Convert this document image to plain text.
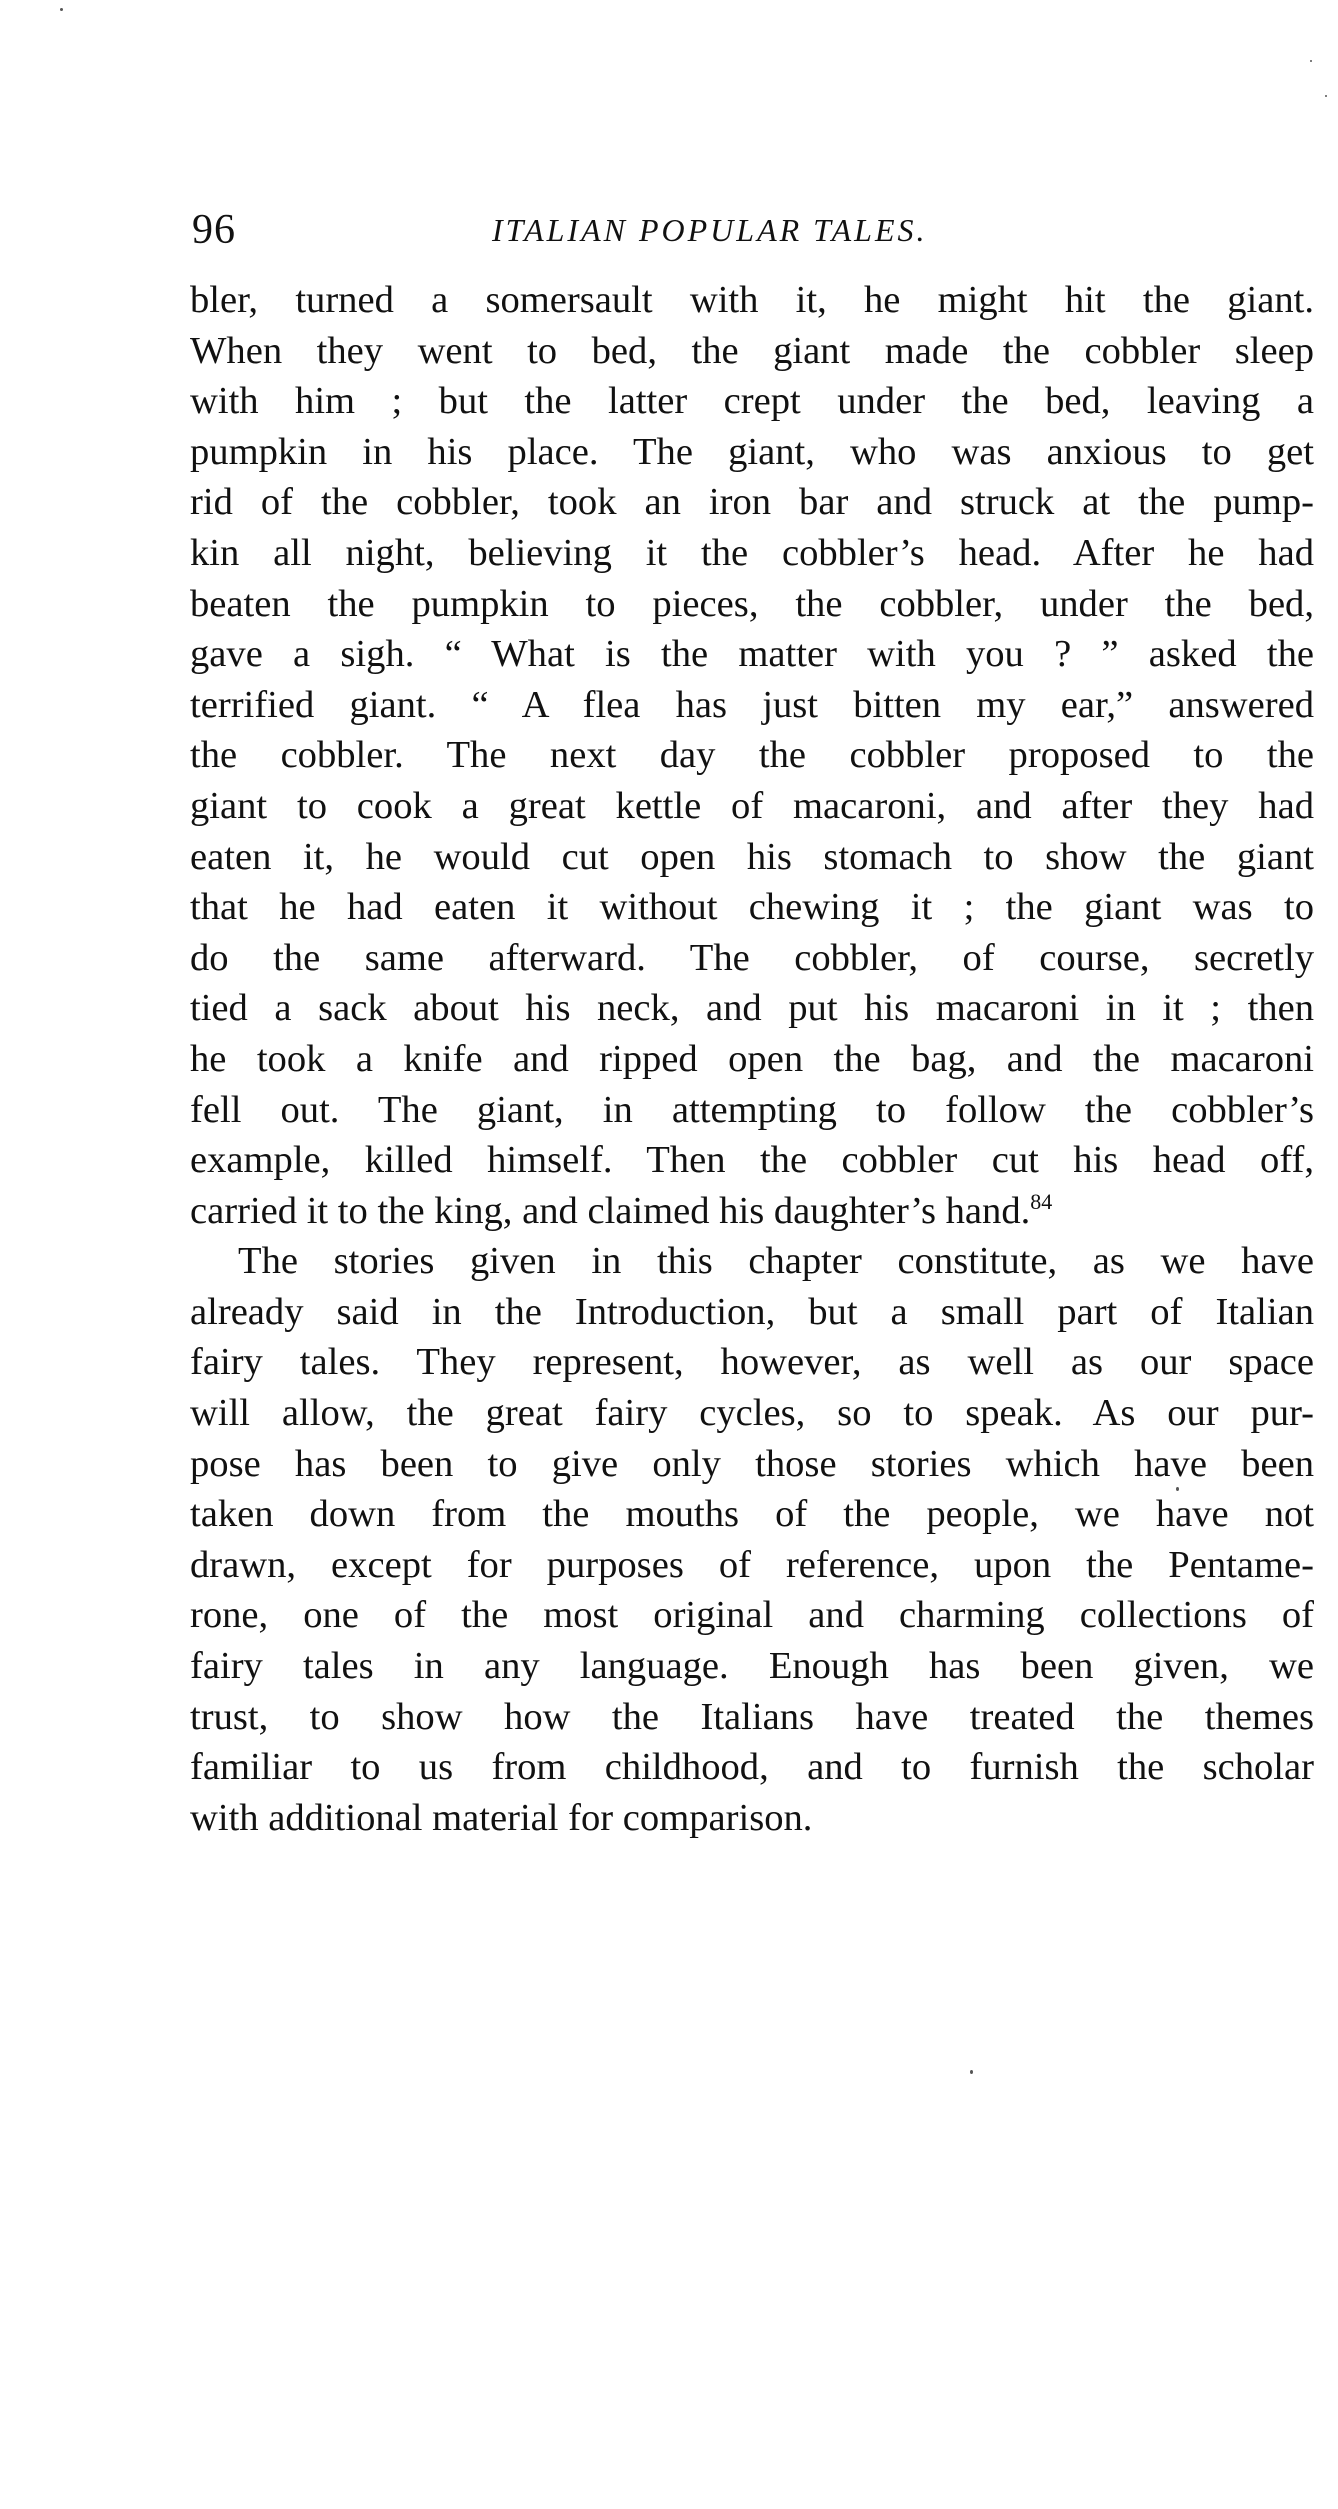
96	ITALIAN POPULAR TALES.
bler, turned a somersault with it, he might hit the giant.
When they went to bed, the giant made the cobbler sleep
with him ; but the latter crept under the bed, leaving a
pumpkin in his place. The giant, who was anxious to get
rid of the cobbler, took an iron bar and struck at the pump-
kin all night, believing it the cobbler’s head. After he had
beaten the pumpkin to pieces, the cobbler, under the bed,
gave a sigh. “ What is the matter with you ? ” asked the
terrified giant. “ A flea has just bitten my ear,” answered
the cobbler. The next day the cobbler proposed to the
giant to cook a great kettle of macaroni, and after they had
eaten it, he would cut open his stomach to show the giant
that he had eaten it without chewing it ; the giant was to
do the same afterward. The cobbler, of course, secretly
tied a sack about his neck, and put his macaroni in it ; then
he took a knife and ripped open the bag, and the macaroni
fell out. The giant, in attempting to follow the cobbler’s
example, killed himself. Then the cobbler cut his head off,
carried it to the king, and claimed his daughter’s hand.$^{84}$
The stories given in this chapter constitute, as we have
already said in the Introduction, but a small part of Italian
fairy tales. They represent, however, as well as our space
will allow, the great fairy cycles, so to speak. As our pur-
pose has been to give only those stories which have been
taken down from the mouths of the people, we have not
drawn, except for purposes of reference, upon the Pentame-
rone, one of the most original and charming collections of
fairy tales in any language. Enough has been given, we
trust, to show how the Italians have treated the themes
familiar to us from childhood, and to furnish the scholar
with additional material for comparison.
